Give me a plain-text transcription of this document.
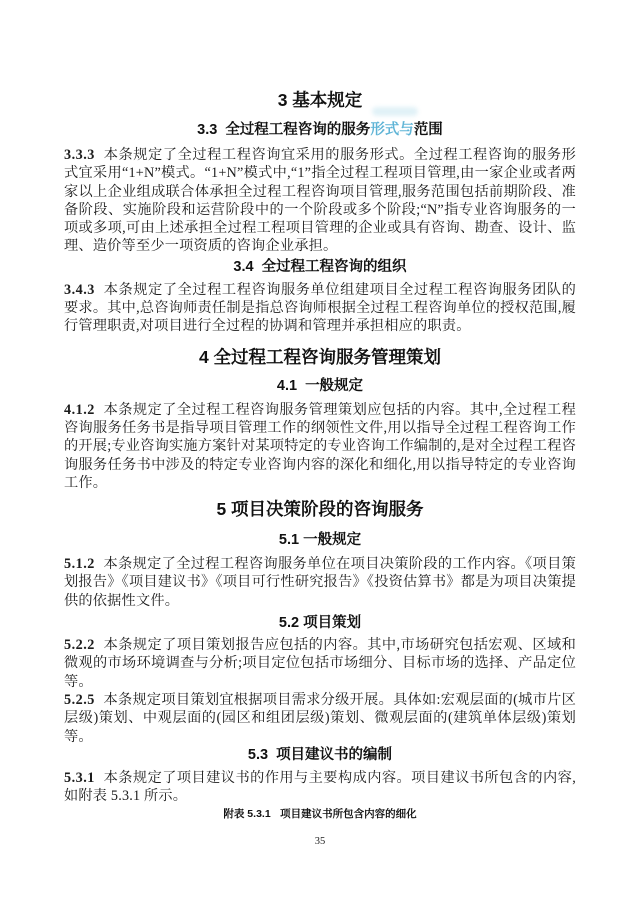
3 基本规定
3.3 全过程工程咨询的服务形式与范围

3.3.3 本条规定了全过程工程咨询宜采用的服务形式。全过程工程咨询的服务形式宜采用“1+N”模式。“1+N”模式中,“1”指全过程工程项目管理,由一家企业或者两家以上企业组成联合体承担全过程工程咨询项目管理,服务范围包括前期阶段、准备阶段、实施阶段和运营阶段中的一个阶段或多个阶段;“N”指专业咨询服务的一项或多项,可由上述承担全过程工程项目管理的企业或具有咨询、勘查、设计、监理、造价等至少一项资质的咨询企业承担。

3.4 全过程工程咨询的组织

3.4.3 本条规定了全过程工程咨询服务单位组建项目全过程工程咨询服务团队的要求。其中,总咨询师责任制是指总咨询师根据全过程工程咨询单位的授权范围,履行管理职责,对项目进行全过程的协调和管理并承担相应的职责。

4 全过程工程咨询服务管理策划
4.1 一般规定

4.1.2 本条规定了全过程工程咨询服务管理策划应包括的内容。其中,全过程工程咨询服务任务书是指导项目管理工作的纲领性文件,用以指导全过程工程咨询工作的开展;专业咨询实施方案针对某项特定的专业咨询工作编制的,是对全过程工程咨询服务任务书中涉及的特定专业咨询内容的深化和细化,用以指导特定的专业咨询工作。

5 项目决策阶段的咨询服务
5.1 一般规定

5.1.2 本条规定了全过程工程咨询服务单位在项目决策阶段的工作内容。《项目策划报告》《项目建议书》《项目可行性研究报告》《投资估算书》都是为项目决策提供的依据性文件。

5.2 项目策划

5.2.2 本条规定了项目策划报告应包括的内容。其中,市场研究包括宏观、区域和微观的市场环境调查与分析;项目定位包括市场细分、目标市场的选择、产品定位等。

5.2.5 本条规定项目策划宜根据项目需求分级开展。具体如:宏观层面的(城市片区层级)策划、中观层面的(园区和组团层级)策划、微观层面的(建筑单体层级)策划等。

5.3 项目建议书的编制

5.3.1 本条规定了项目建议书的作用与主要构成内容。项目建议书所包含的内容,如附表 5.3.1 所示。

附表 5.3.1 项目建议书所包含内容的细化
35
